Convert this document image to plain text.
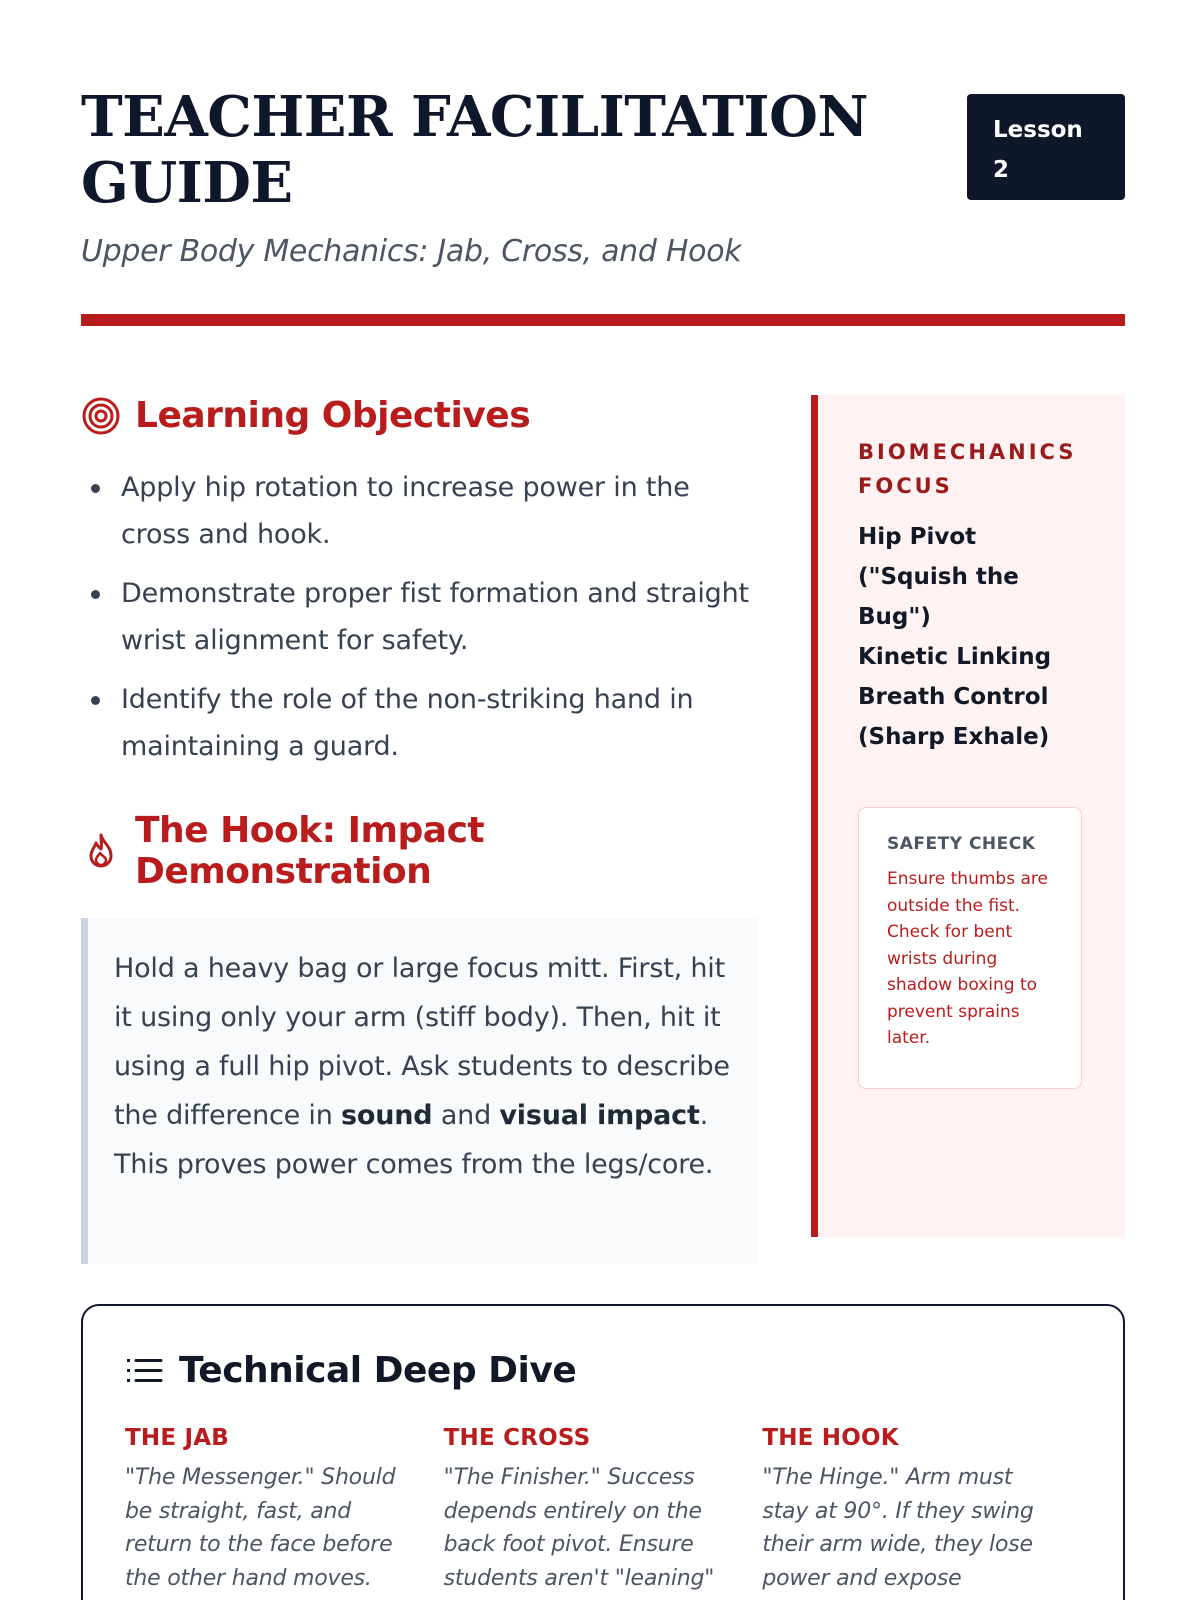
TEACHER FACILITATION GUIDE
Upper Body Mechanics: Jab, Cross, and Hook
Lesson 2
Learning Objectives
Apply hip rotation to increase power in the cross and hook.
Demonstrate proper fist formation and straight wrist alignment for safety.
Identify the role of the non-striking hand in maintaining a guard.
The Hook: Impact Demonstration
Hold a heavy bag or large focus mitt. First, hit it using only your arm (stiff body). Then, hit it using a full hip pivot. Ask students to describe the difference in sound and visual impact. This proves power comes from the legs/core.
BIOMECHANICS FOCUS
Hip Pivot ("Squish the Bug")
Kinetic Linking
Breath Control (Sharp Exhale)
SAFETY CHECK
Ensure thumbs are outside the fist. Check for bent wrists during shadow boxing to prevent sprains later.
Technical Deep Dive
THE JAB
"The Messenger." Should be straight, fast, and return to the face before the other hand moves.
THE CROSS
"The Finisher." Success depends entirely on the back foot pivot. Ensure students aren't "leaning"
THE HOOK
"The Hinge." Arm must stay at 90°. If they swing their arm wide, they lose power and expose
